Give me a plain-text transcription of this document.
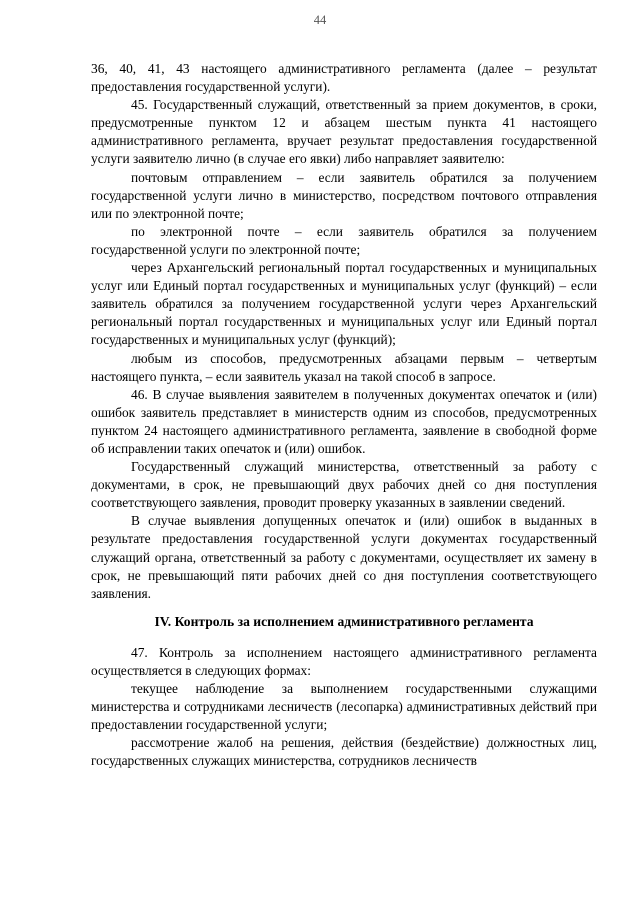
44

36, 40, 41, 43 настоящего административного регламента (далее – результат предоставления государственной услуги).

45. Государственный служащий, ответственный за прием документов, в сроки, предусмотренные пунктом 12 и абзацем шестым пункта 41 настоящего административного регламента, вручает результат предоставления государственной услуги заявителю лично (в случае его явки) либо направляет заявителю:

почтовым отправлением – если заявитель обратился за получением государственной услуги лично в министерство, посредством почтового отправления или по электронной почте;

по электронной почте – если заявитель обратился за получением государственной услуги по электронной почте;

через Архангельский региональный портал государственных и муниципальных услуг или Единый портал государственных и муниципальных услуг (функций) – если заявитель обратился за получением государственной услуги через Архангельский региональный портал государственных и муниципальных услуг или Единый портал государственных и муниципальных услуг (функций);

любым из способов, предусмотренных абзацами первым – четвертым настоящего пункта, – если заявитель указал на такой способ в запросе.

46. В случае выявления заявителем в полученных документах опечаток и (или) ошибок заявитель представляет в министерств одним из способов, предусмотренных пунктом 24 настоящего административного регламента, заявление в свободной форме об исправлении таких опечаток и (или) ошибок.

Государственный служащий министерства, ответственный за работу с документами, в срок, не превышающий двух рабочих дней со дня поступления соответствующего заявления, проводит проверку указанных в заявлении сведений.

В случае выявления допущенных опечаток и (или) ошибок в выданных в результате предоставления государственной услуги документах государственный служащий органа, ответственный за работу с документами, осуществляет их замену в срок, не превышающий пяти рабочих дней со дня поступления соответствующего заявления.

IV. Контроль за исполнением административного регламента

47. Контроль за исполнением настоящего административного регламента осуществляется в следующих формах:

текущее наблюдение за выполнением государственными служащими министерства и сотрудниками лесничеств (лесопарка) административных действий при предоставлении государственной услуги;

рассмотрение жалоб на решения, действия (бездействие) должностных лиц, государственных служащих министерства, сотрудников лесничеств
